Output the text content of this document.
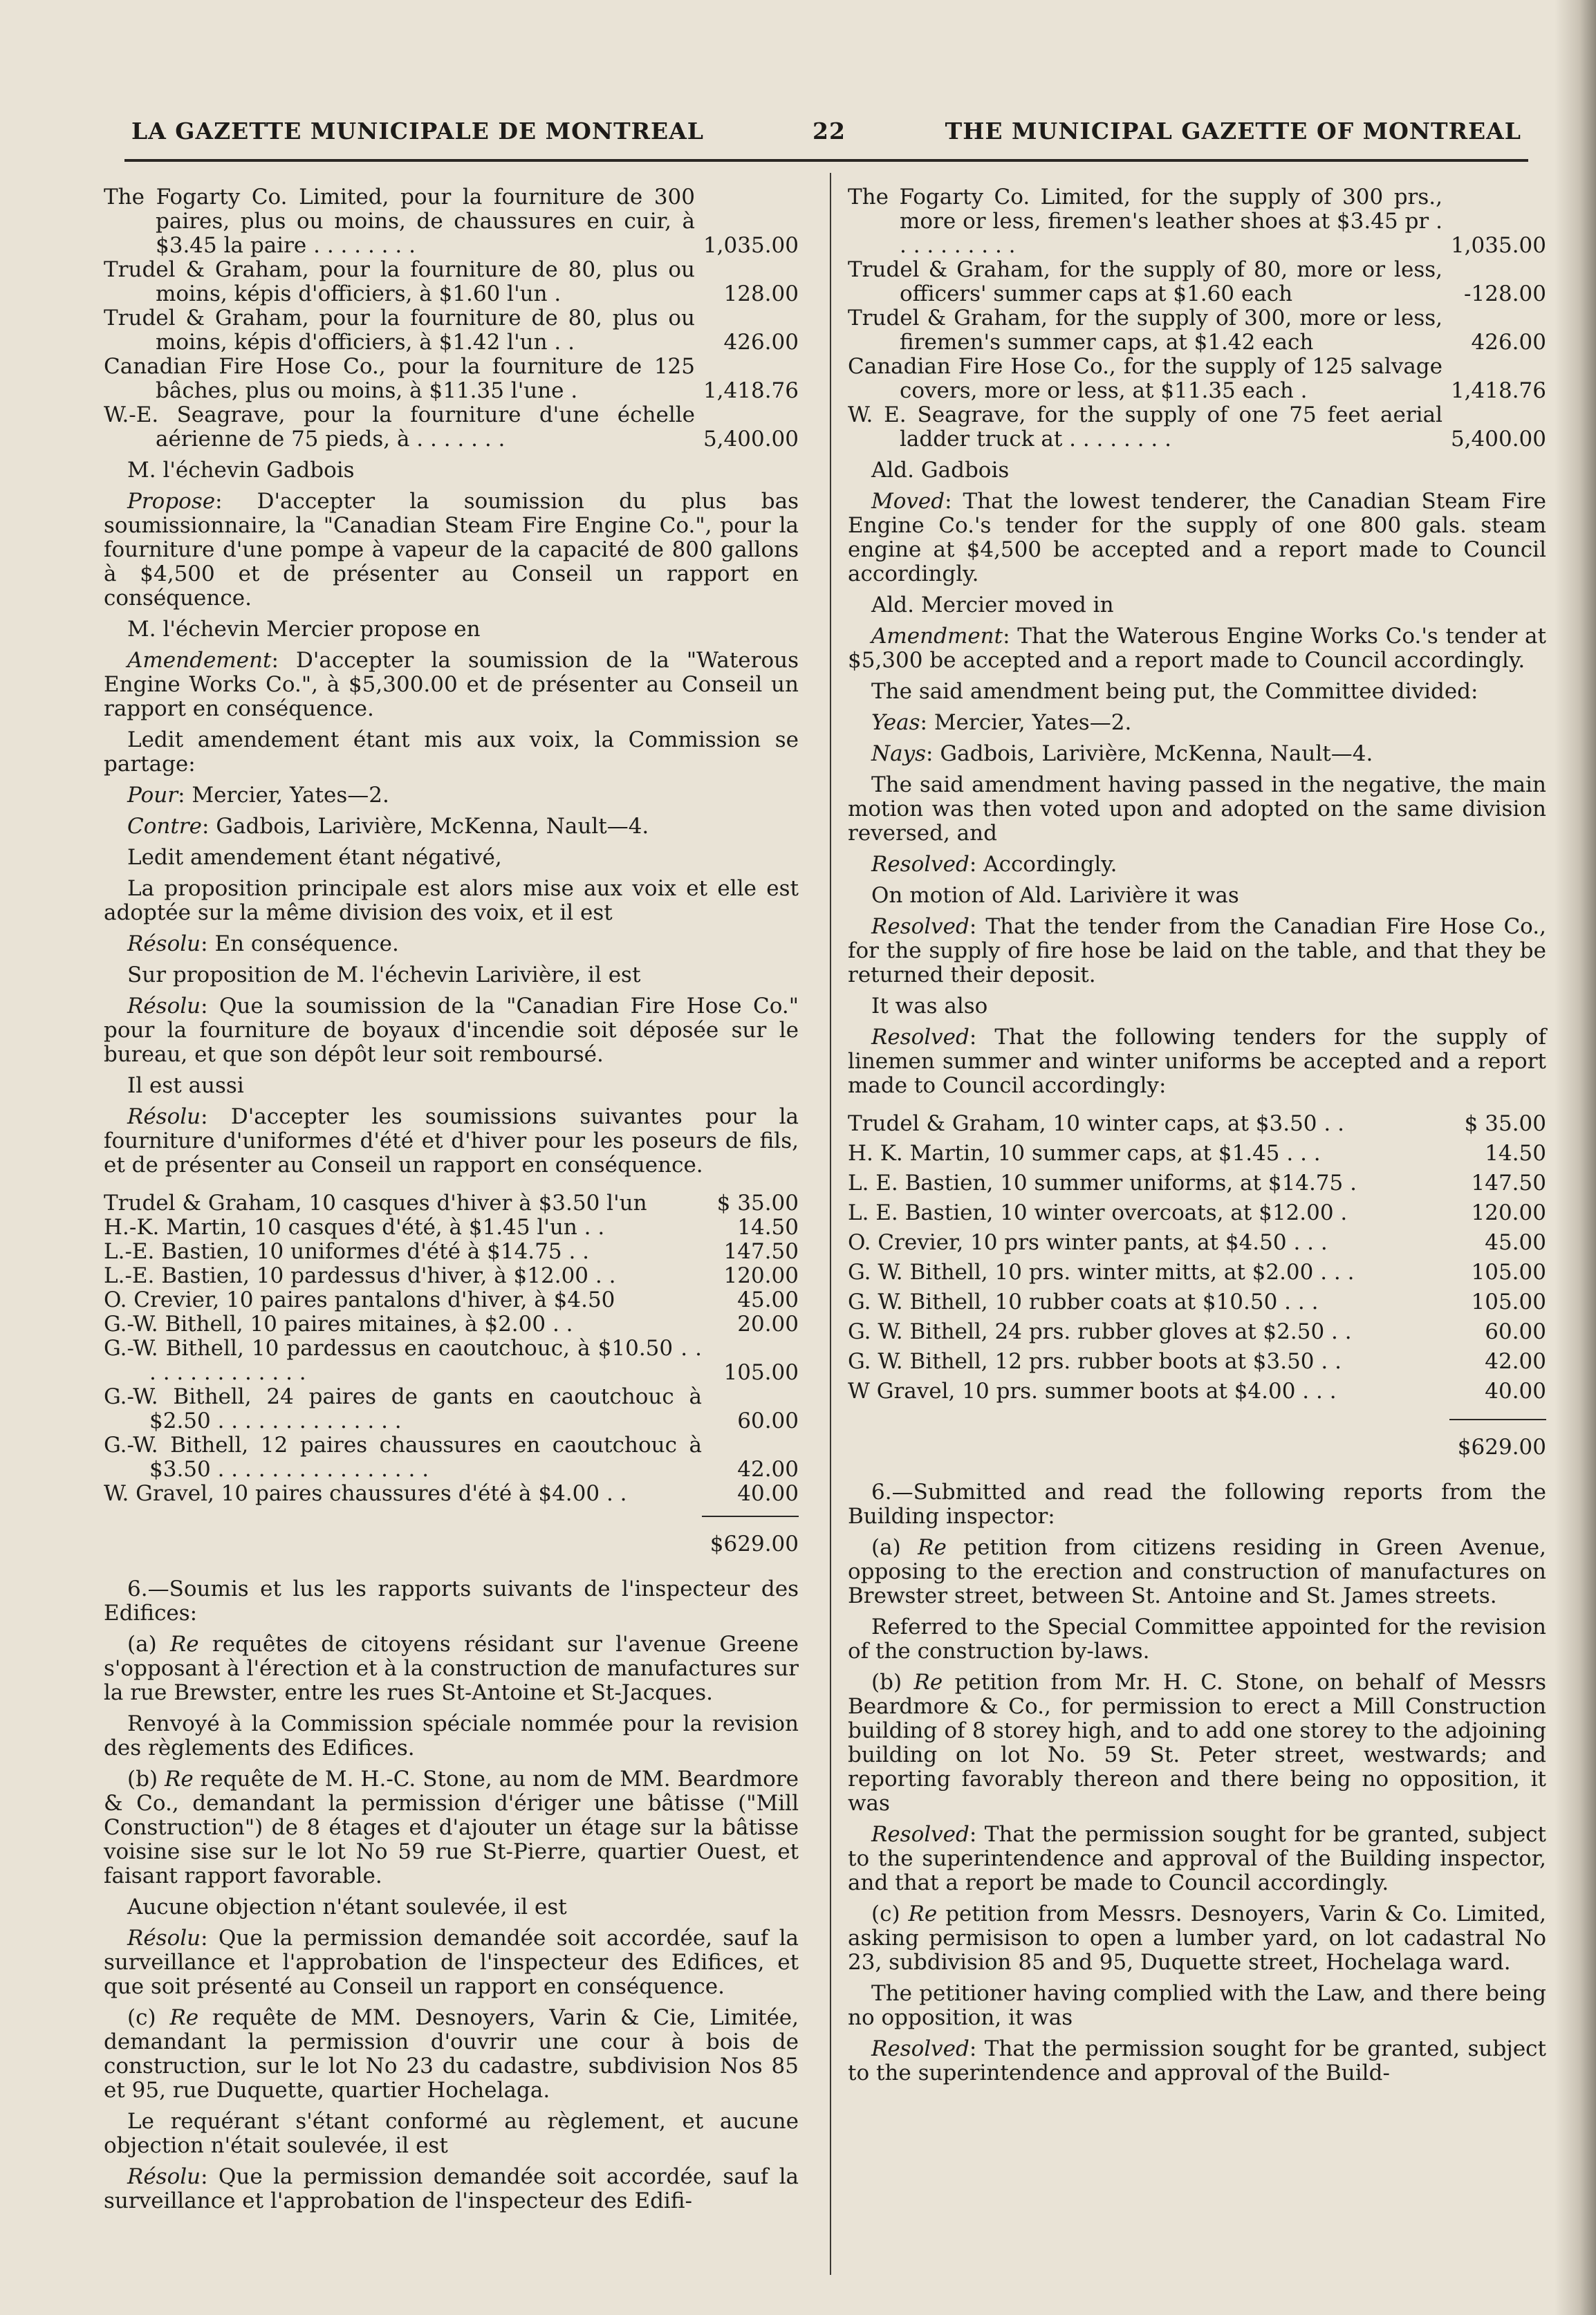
LA GAZETTE MUNICIPALE DE MONTREAL	22	THE MUNICIPAL GAZETTE OF MONTREAL

The Fogarty Co. Limited, pour la fourniture de 300 paires, plus ou moins, de chaussures en cuir, à $3.45 la paire . . . . . . . .	1,035.00

Trudel & Graham, pour la fourniture de 80, plus ou moins, képis d'officiers, à $1.60 l'un .	128.00

Trudel & Graham, pour la fourniture de 80, plus ou moins, képis d'officiers, à $1.42 l'un . .	426.00

Canadian Fire Hose Co., pour la fourniture de 125 bâches, plus ou moins, à $11.35 l'une .	1,418.76

W.-E. Seagrave, pour la fourniture d'une échelle aérienne de 75 pieds, à . . . . . . .	5,400.00

M. l'échevin Gadbois

Propose: D'accepter la soumission du plus bas soumissionnaire, la "Canadian Steam Fire Engine Co.", pour la fourniture d'une pompe à vapeur de la capacité de 800 gallons à $4,500 et de présenter au Conseil un rapport en conséquence.

M. l'échevin Mercier propose en

Amendement: D'accepter la soumission de la "Waterous Engine Works Co.", à $5,300.00 et de présenter au Conseil un rapport en conséquence.

Ledit amendement étant mis aux voix, la Commission se partage:

Pour: Mercier, Yates—2.

Contre: Gadbois, Larivière, McKenna, Nault—4.

Ledit amendement étant négativé,

La proposition principale est alors mise aux voix et elle est adoptée sur la même division des voix, et il est

Résolu: En conséquence.

Sur proposition de M. l'échevin Larivière, il est

Résolu: Que la soumission de la "Canadian Fire Hose Co." pour la fourniture de boyaux d'incendie soit déposée sur le bureau, et que son dépôt leur soit remboursé.

Il est aussi

Résolu: D'accepter les soumissions suivantes pour la fourniture d'uniformes d'été et d'hiver pour les poseurs de fils, et de présenter au Conseil un rapport en conséquence.

Trudel & Graham, 10 casques d'hiver à $3.50 l'un	$ 35.00

H.-K. Martin, 10 casques d'été, à $1.45 l'un . .	14.50

L.-E. Bastien, 10 uniformes d'été à $14.75 . .	147.50

L.-E. Bastien, 10 pardessus d'hiver, à $12.00 . .	120.00

O. Crevier, 10 paires pantalons d'hiver, à $4.50	45.00

G.-W. Bithell, 10 paires mitaines, à $2.00 . .	20.00

G.-W. Bithell, 10 pardessus en caoutchouc, à $10.50 . . . . . . . . . . . . . .	105.00

G.-W. Bithell, 24 paires de gants en caoutchouc à $2.50 . . . . . . . . . . . . . .	60.00

G.-W. Bithell, 12 paires chaussures en caoutchouc à $3.50 . . . . . . . . . . . . . . . .	42.00

W. Gravel, 10 paires chaussures d'été à $4.00 . .	40.00

$629.00

6.—Soumis et lus les rapports suivants de l'inspecteur des Edifices:

(a) Re requêtes de citoyens résidant sur l'avenue Greene s'opposant à l'érection et à la construction de manufactures sur la rue Brewster, entre les rues St-Antoine et St-Jacques.

Renvoyé à la Commission spéciale nommée pour la revision des règlements des Edifices.

(b) Re requête de M. H.-C. Stone, au nom de MM. Beardmore & Co., demandant la permission d'ériger une bâtisse ("Mill Construction") de 8 étages et d'ajouter un étage sur la bâtisse voisine sise sur le lot No 59 rue St-Pierre, quartier Ouest, et faisant rapport favorable.

Aucune objection n'étant soulevée, il est

Résolu: Que la permission demandée soit accordée, sauf la surveillance et l'approbation de l'inspecteur des Edifices, et que soit présenté au Conseil un rapport en conséquence.

(c) Re requête de MM. Desnoyers, Varin & Cie, Limitée, demandant la permission d'ouvrir une cour à bois de construction, sur le lot No 23 du cadastre, subdivision Nos 85 et 95, rue Duquette, quartier Hochelaga.

Le requérant s'étant conformé au règlement, et aucune objection n'était soulevée, il est

Résolu: Que la permission demandée soit accordée, sauf la surveillance et l'approbation de l'inspecteur des Edifi-

The Fogarty Co. Limited, for the supply of 300 prs., more or less, firemen's leather shoes at $3.45 pr . . . . . . . . . .	1,035.00

Trudel & Graham, for the supply of 80, more or less, officers' summer caps at $1.60 each	-128.00

Trudel & Graham, for the supply of 300, more or less, firemen's summer caps, at $1.42 each	426.00

Canadian Fire Hose Co., for the supply of 125 salvage covers, more or less, at $11.35 each .	1,418.76

W. E. Seagrave, for the supply of one 75 feet aerial ladder truck at . . . . . . . .	5,400.00

Ald. Gadbois

Moved: That the lowest tenderer, the Canadian Steam Fire Engine Co.'s tender for the supply of one 800 gals. steam engine at $4,500 be accepted and a report made to Council accordingly.

Ald. Mercier moved in

Amendment: That the Waterous Engine Works Co.'s tender at $5,300 be accepted and a report made to Council accordingly.

The said amendment being put, the Committee divided:

Yeas: Mercier, Yates—2.

Nays: Gadbois, Larivière, McKenna, Nault—4.

The said amendment having passed in the negative, the main motion was then voted upon and adopted on the same division reversed, and

Resolved: Accordingly.

On motion of Ald. Larivière it was

Resolved: That the tender from the Canadian Fire Hose Co., for the supply of fire hose be laid on the table, and that they be returned their deposit.

It was also

Resolved: That the following tenders for the supply of linemen summer and winter uniforms be accepted and a report made to Council accordingly:

Trudel & Graham, 10 winter caps, at $3.50 . .	$ 35.00
H. K. Martin, 10 summer caps, at $1.45 . . .	14.50
L. E. Bastien, 10 summer uniforms, at $14.75 .	147.50
L. E. Bastien, 10 winter overcoats, at $12.00 .	120.00
O. Crevier, 10 prs winter pants, at $4.50 . . .	45.00
G. W. Bithell, 10 prs. winter mitts, at $2.00 . . .	105.00
G. W. Bithell, 10 rubber coats at $10.50 . . .	105.00
G. W. Bithell, 24 prs. rubber gloves at $2.50 . .	60.00
G. W. Bithell, 12 prs. rubber boots at $3.50 . .	42.00
W Gravel, 10 prs. summer boots at $4.00 . . .	40.00
$629.00

6.—Submitted and read the following reports from the Building inspector:

(a) Re petition from citizens residing in Green Avenue, opposing to the erection and construction of manufactures on Brewster street, between St. Antoine and St. James streets.

Referred to the Special Committee appointed for the revision of the construction by-laws.

(b) Re petition from Mr. H. C. Stone, on behalf of Messrs Beardmore & Co., for permission to erect a Mill Construction building of 8 storey high, and to add one storey to the adjoining building on lot No. 59 St. Peter street, westwards; and reporting favorably thereon and there being no opposition, it was

Resolved: That the permission sought for be granted, subject to the superintendence and approval of the Building inspector, and that a report be made to Council accordingly.

(c) Re petition from Messrs. Desnoyers, Varin & Co. Limited, asking permisison to open a lumber yard, on lot cadastral No 23, subdivision 85 and 95, Duquette street, Hochelaga ward.

The petitioner having complied with the Law, and there being no opposition, it was

Resolved: That the permission sought for be granted, subject to the superintendence and approval of the Build-
